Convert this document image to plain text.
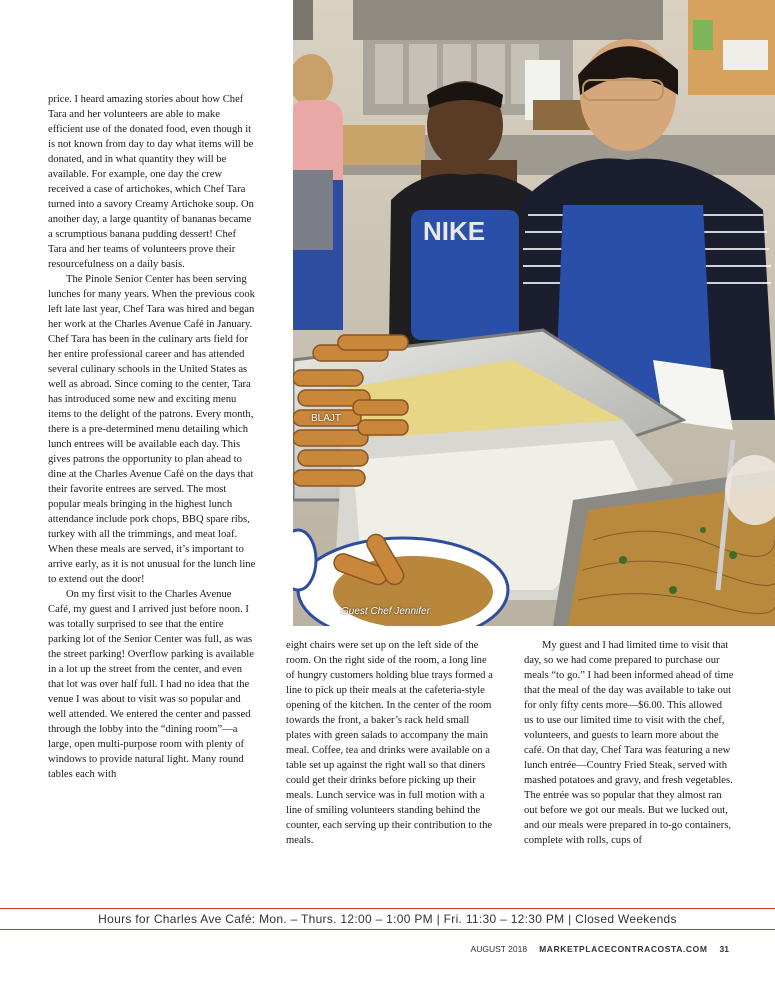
price. I heard amazing stories about how Chef Tara and her volunteers are able to make efficient use of the donated food, even though it is not known from day to day what items will be donated, and in what quantity they will be available. For example, one day the crew received a case of artichokes, which Chef Tara turned into a savory Creamy Artichoke soup. On another day, a large quantity of bananas became a scrumptious banana pudding dessert! Chef Tara and her teams of volunteers prove their resourcefulness on a daily basis.

The Pinole Senior Center has been serving lunches for many years. When the previous cook left late last year, Chef Tara was hired and began her work at the Charles Avenue Café in January. Chef Tara has been in the culinary arts field for her entire professional career and has attended several culinary schools in the United States as well as abroad. Since coming to the center, Tara has introduced some new and exciting menu items to the delight of the patrons. Every month, there is a pre-determined menu detailing which lunch entrees will be available each day. This gives patrons the opportunity to plan ahead to dine at the Charles Avenue Café on the days that their favorite entrees are served. The most popular meals bringing in the highest lunch attendance include pork chops, BBQ spare ribs, turkey with all the trimmings, and meat loaf. When these meals are served, it’s important to arrive early, as it is not unusual for the lunch line to extend out the door!

On my first visit to the Charles Avenue Café, my guest and I arrived just before noon. I was totally surprised to see that the entire parking lot of the Senior Center was full, as was the street parking! Overflow parking is available in a lot up the street from the center, and even that lot was over half full. I had no idea that the venue I was about to visit was so popular and well attended. We entered the center and passed through the lobby into the “dining room”—a large, open multi-purpose room with plenty of windows to provide natural light. Many round tables each with

NIKE
BLAJT
Guest Chef Jennifer

eight chairs were set up on the left side of the room. On the right side of the room, a long line of hungry customers holding blue trays formed a line to pick up their meals at the cafeteria-style opening of the kitchen. In the center of the room towards the front, a baker’s rack held small plates with green salads to accompany the main meal. Coffee, tea and drinks were available on a table set up against the right wall so that diners could get their drinks before picking up their meals. Lunch service was in full motion with a line of smiling volunteers standing behind the counter, each serving up their contribution to the meals.

My guest and I had limited time to visit that day, so we had come prepared to purchase our meals “to go.” I had been informed ahead of time that the meal of the day was available to take out for only fifty cents more—$6.00. This allowed us to use our limited time to visit with the chef, volunteers, and guests to learn more about the café. On that day, Chef Tara was featuring a new lunch entrée—Country Fried Steak, served with mashed potatoes and gravy, and fresh vegetables. The entrée was so popular that they almost ran out before we got our meals. But we lucked out, and our meals were prepared in to-go containers, complete with rolls, cups of

Hours for Charles Ave Café: Mon. – Thurs. 12:00 – 1:00 PM | Fri. 11:30 – 12:30 PM | Closed Weekends
AUGUST 2018 MARKETPLACECONTRACOSTA.COM 31
